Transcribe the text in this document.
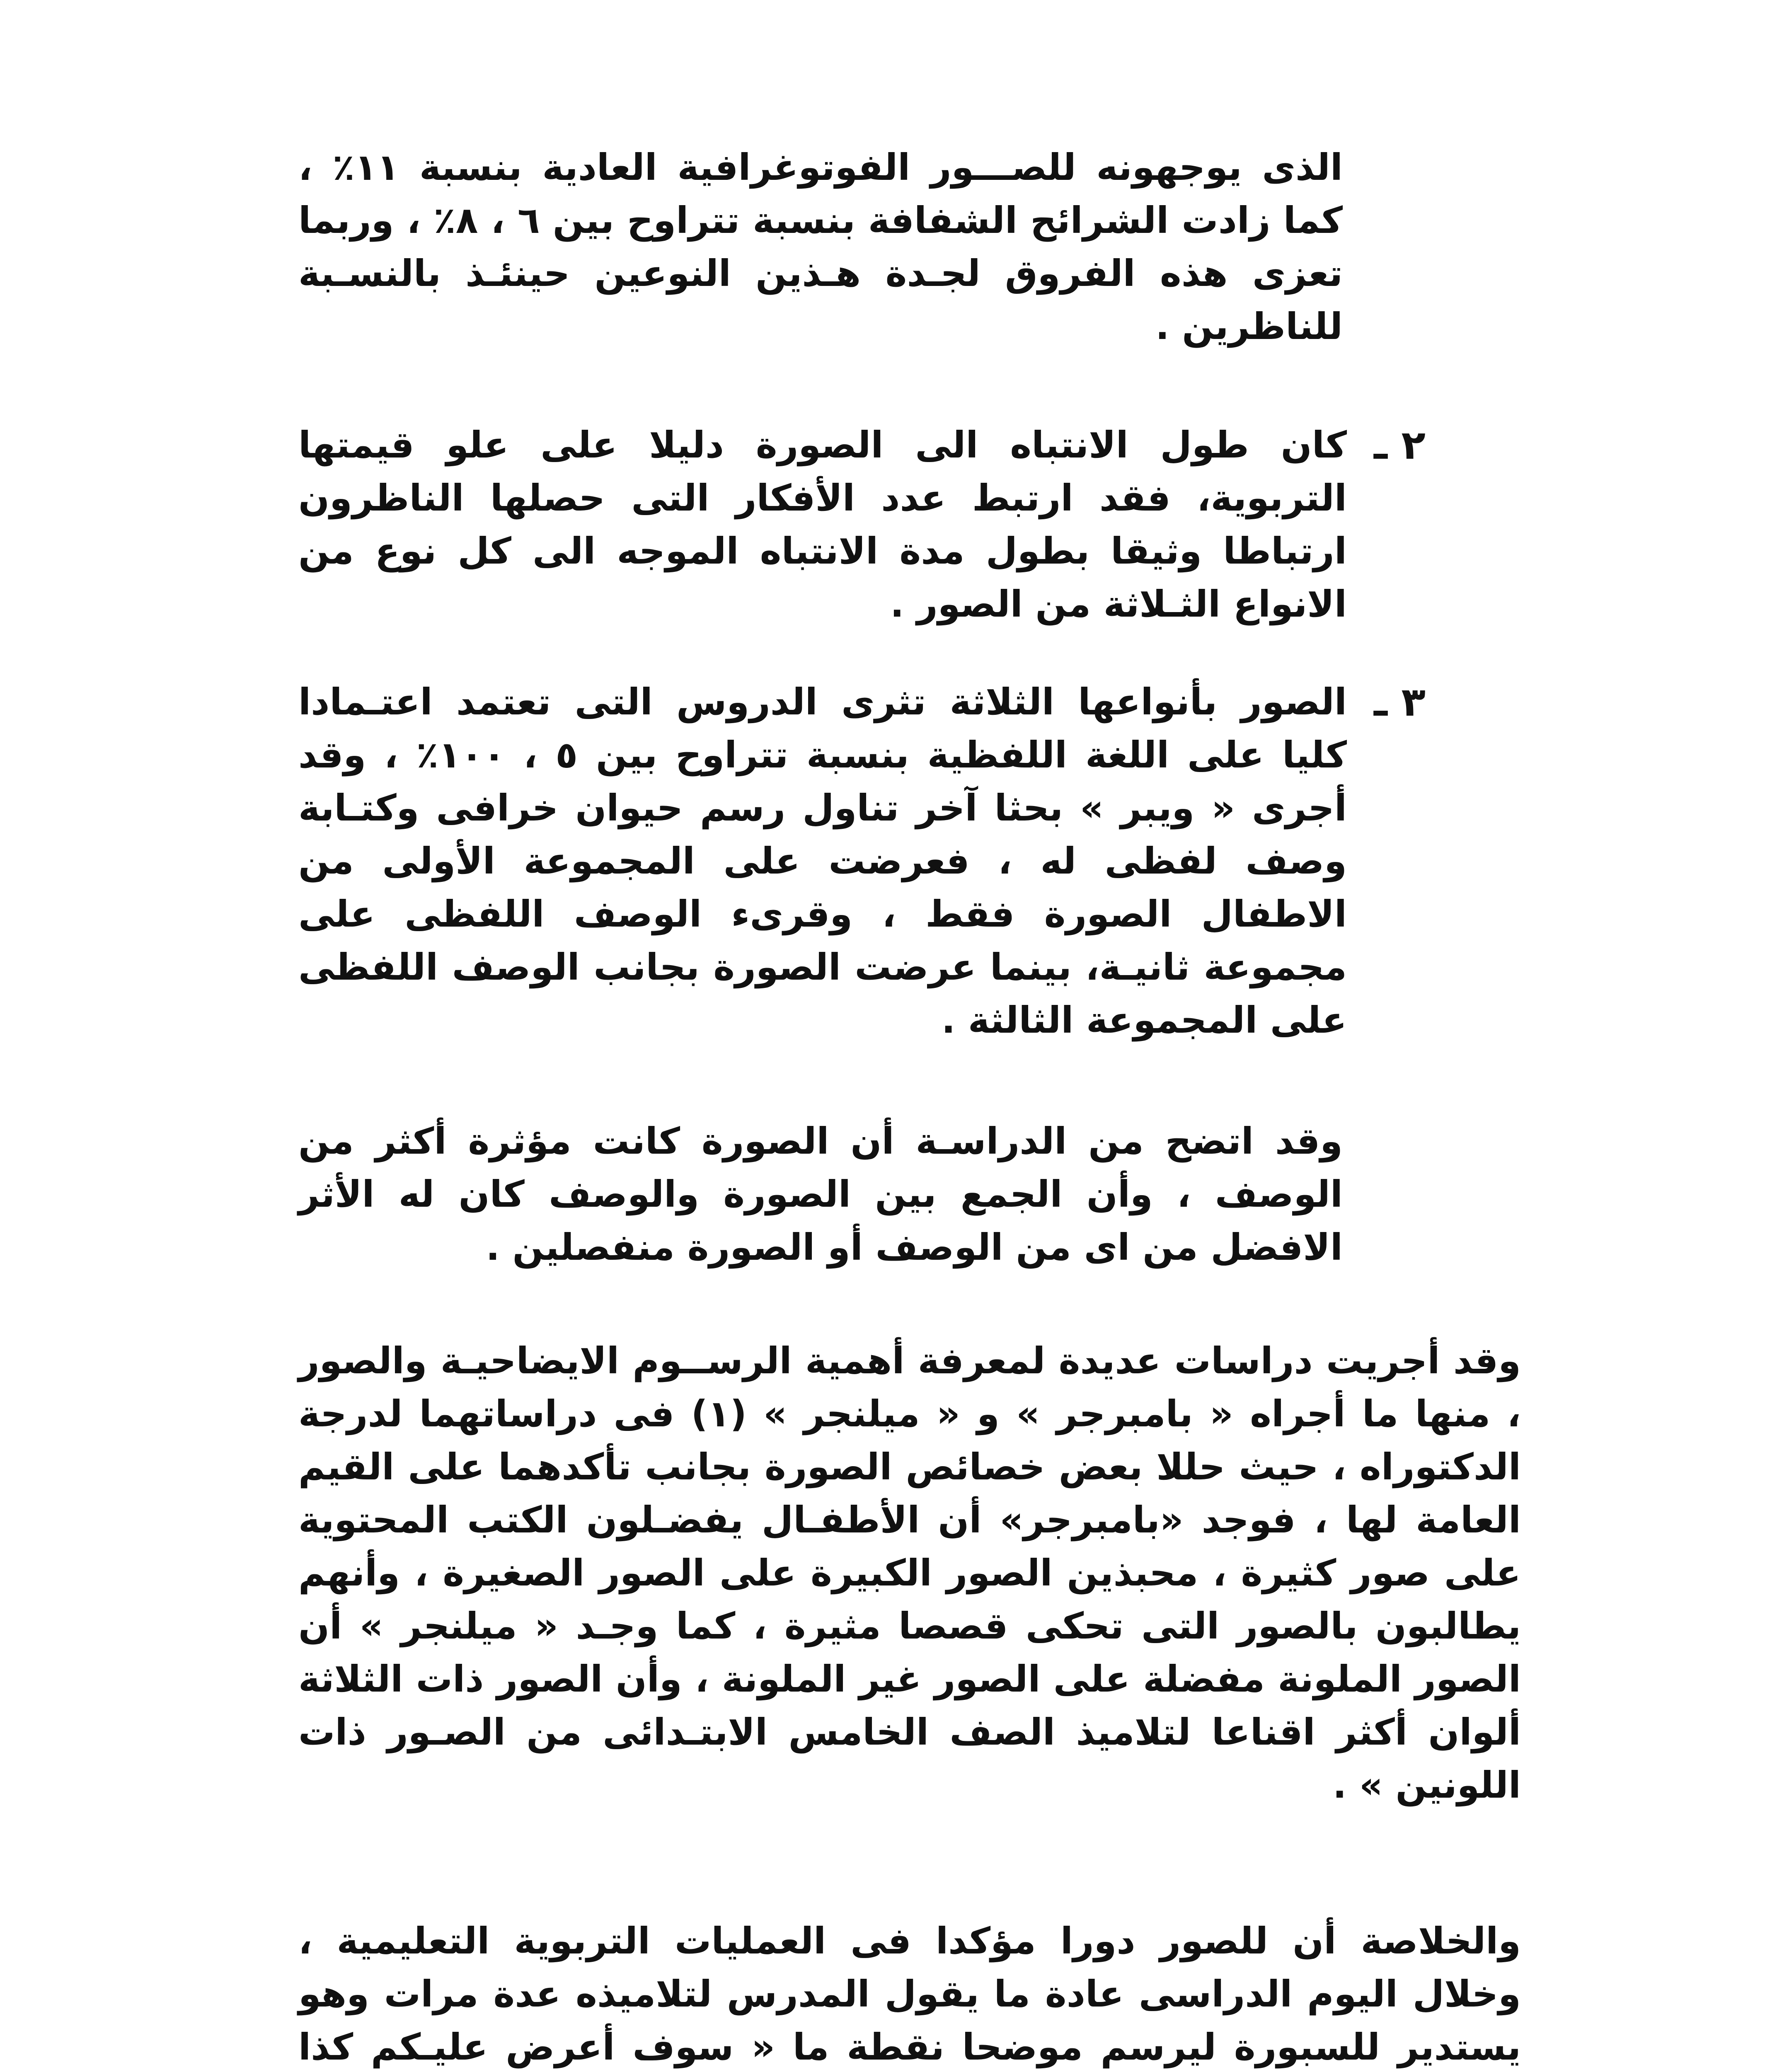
الذى يوجهونه للصـــور الفوتوغرافية العادية بنسبة ١١٪ ، كما زادت الشرائح الشفافة بنسبة تتراوح بين ٦ ، ٨٪ ، وربما تعزى هذه الفروق لجـدة هـذين النوعين حينئـذ بالنسـبة للناظرين .
٢ ـ
كان طول الانتباه الى الصورة دليلا على علو قيمتها التربوية، فقد ارتبط عدد الأفكار التى حصلها الناظرون ارتباطا وثيقا بطول مدة الانتباه الموجه الى كل نوع من الانواع الثـلاثة من الصور .
٣ ـ
الصور بأنواعها الثلاثة تثرى الدروس التى تعتمد اعتـمادا كليا على اللغة اللفظية بنسبة تتراوح بين ٥ ، ١٠٠٪ ، وقد أجرى « ويبر » بحثا آخر تناول رسم حيوان خرافى وكتـابة وصف لفظى له ، فعرضت على المجموعة الأولى من الاطفال الصورة فقط ، وقرىء الوصف اللفظى على مجموعة ثانيـة، بينما عرضت الصورة بجانب الوصف اللفظى على المجموعة الثالثة .
وقد اتضح من الدراسـة أن الصورة كانت مؤثرة أكثر من الوصف ، وأن الجمع بين الصورة والوصف كان له الأثر الافضل من اى من الوصف أو الصورة منفصلين .
وقد أجريت دراسات عديدة لمعرفة أهمية الرســوم الايضاحيـة والصور ، منها ما أجراه « بامبرجر » و « ميلنجر » (١) فى دراساتهما لدرجة الدكتوراه ، حيث حللا بعض خصائص الصورة بجانب تأكدهما على القيم العامة لها ، فوجد «بامبرجر» أن الأطفـال يفضـلون الكتب المحتوية على صور كثيرة ، محبذين الصور الكبيرة على الصور الصغيرة ، وأنهم يطالبون بالصور التى تحكى قصصا مثيرة ، كما وجـد « ميلنجر » أن الصور الملونة مفضلة على الصور غير الملونة ، وأن الصور ذات الثلاثة ألوان أكثر اقناعا لتلاميذ الصف الخامس الابتـدائى من الصـور ذات اللونين » .
والخلاصة أن للصور دورا مؤكدا فى العمليات التربوية التعليمية ، وخلال اليوم الدراسى عادة ما يقول المدرس لتلاميذه عدة مرات وهو يستدير للسبورة ليرسم موضحا نقطة ما « سوف أعرض عليـكم كذا
